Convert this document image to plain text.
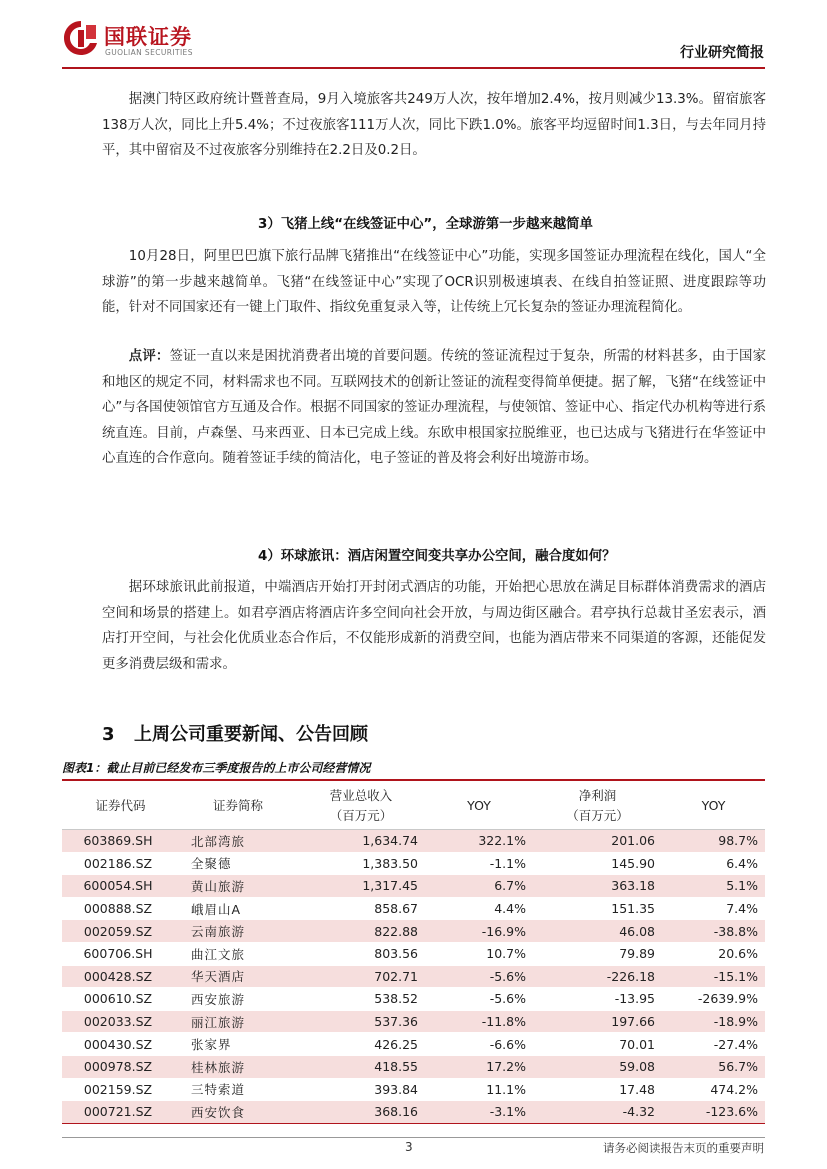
国联证券
GUOLIAN SECURITIES	行业研究简报

据澳门特区政府统计暨普查局，9月入境旅客共249万人次，按年增加2.4%，按月则减少13.3%。留宿旅客138万人次，同比上升5.4%；不过夜旅客111万人次，同比下跌1.0%。旅客平均逗留时间1.3日，与去年同月持平，其中留宿及不过夜旅客分别维持在2.2日及0.2日。

3）飞猪上线“在线签证中心”，全球游第一步越来越简单

10月28日，阿里巴巴旗下旅行品牌飞猪推出“在线签证中心”功能，实现多国签证办理流程在线化，国人“全球游”的第一步越来越简单。飞猪“在线签证中心”实现了OCR识别极速填表、在线自拍签证照、进度跟踪等功能，针对不同国家还有一键上门取件、指纹免重复录入等，让传统上冗长复杂的签证办理流程简化。

点评：签证一直以来是困扰消费者出境的首要问题。传统的签证流程过于复杂，所需的材料甚多，由于国家和地区的规定不同，材料需求也不同。互联网技术的创新让签证的流程变得简单便捷。据了解，飞猪“在线签证中心”与各国使领馆官方互通及合作。根据不同国家的签证办理流程，与使领馆、签证中心、指定代办机构等进行系统直连。目前，卢森堡、马来西亚、日本已完成上线。东欧申根国家拉脱维亚，也已达成与飞猪进行在华签证中心直连的合作意向。随着签证手续的简洁化，电子签证的普及将会利好出境游市场。

4）环球旅讯：酒店闲置空间变共享办公空间，融合度如何？

据环球旅讯此前报道，中端酒店开始打开封闭式酒店的功能，开始把心思放在满足目标群体消费需求的酒店空间和场景的搭建上。如君亭酒店将酒店许多空间向社会开放，与周边街区融合。君亭执行总裁甘圣宏表示，酒店打开空间，与社会化优质业态合作后，不仅能形成新的消费空间，也能为酒店带来不同渠道的客源，还能促发更多消费层级和需求。

3 上周公司重要新闻、公告回顾
图表1：截止目前已经发布三季度报告的上市公司经营情况
证券代码	证券简称	营业总收入
（百万元）	YOY	净利润
（百万元）	YOY
603869.SH	北部湾旅	1,634.74	322.1%	201.06	98.7%
002186.SZ	全聚德	1,383.50	-1.1%	145.90	6.4%
600054.SH	黄山旅游	1,317.45	6.7%	363.18	5.1%
000888.SZ	峨眉山A	858.67	4.4%	151.35	7.4%
002059.SZ	云南旅游	822.88	-16.9%	46.08	-38.8%
600706.SH	曲江文旅	803.56	10.7%	79.89	20.6%
000428.SZ	华天酒店	702.71	-5.6%	-226.18	-15.1%
000610.SZ	西安旅游	538.52	-5.6%	-13.95	-2639.9%
002033.SZ	丽江旅游	537.36	-11.8%	197.66	-18.9%
000430.SZ	张家界	426.25	-6.6%	70.01	-27.4%
000978.SZ	桂林旅游	418.55	17.2%	59.08	56.7%
002159.SZ	三特索道	393.84	11.1%	17.48	474.2%
000721.SZ	西安饮食	368.16	-3.1%	-4.32	-123.6%
3	请务必阅读报告末页的重要声明
